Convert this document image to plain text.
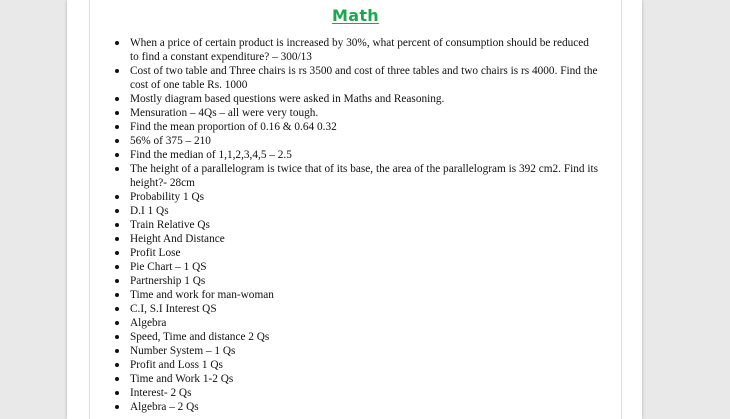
Math
When a price of certain product is increased by 30%, what percent of consumption should be reduced to find a constant expenditure? – 300/13
Cost of two table and Three chairs is rs 3500 and cost of three tables and two chairs is rs 4000. Find the cost of one table Rs. 1000
Mostly diagram based questions were asked in Maths and Reasoning.
Mensuration – 4Qs – all were very tough.
Find the mean proportion of 0.16 & 0.64 0.32
56% of 375 – 210
Find the median of 1,1,2,3,4,5 – 2.5
The height of a parallelogram is twice that of its base, the area of the parallelogram is 392 cm2. Find its height?- 28cm
Probability 1 Qs
D.I 1 Qs
Train Relative Qs
Height And Distance
Profit Lose
Pie Chart – 1 QS
Partnership 1 Qs
Time and work for man-woman
C.I, S.I Interest QS
Algebra
Speed, Time and distance 2 Qs
Number System – 1 Qs
Profit and Loss 1 Qs
Time and Work 1-2 Qs
Interest- 2 Qs
Algebra – 2 Qs
